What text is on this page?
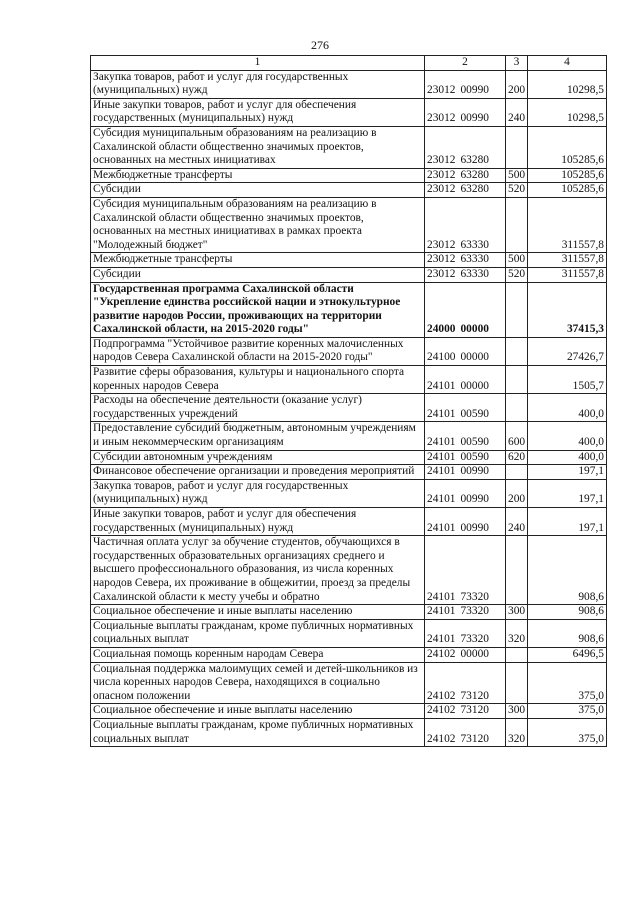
276
1	2	3	4
Закупка товаров, работ и услуг для государственных (муниципальных) нужд	23012 00990	200	10298,5
Иные закупки товаров, работ и услуг для обеспечения государственных (муниципальных) нужд	23012 00990	240	10298,5
Субсидия муниципальным образованиям на реализацию в Сахалинской области общественно значимых проектов, основанных на местных инициативах	23012 63280		105285,6
Межбюджетные трансферты	23012 63280	500	105285,6
Субсидии	23012 63280	520	105285,6
Субсидия муниципальным образованиям на реализацию в Сахалинской области общественно значимых проектов, основанных на местных инициативах в рамках проекта "Молодежный бюджет"	23012 63330		311557,8
Межбюджетные трансферты	23012 63330	500	311557,8
Субсидии	23012 63330	520	311557,8
Государственная программа Сахалинской области "Укрепление единства российской нации и этнокультурное развитие народов России, проживающих на территории Сахалинской области, на 2015-2020 годы"	24000 00000		37415,3
Подпрограмма "Устойчивое развитие коренных малочисленных народов Севера Сахалинской области на 2015-2020 годы"	24100 00000		27426,7
Развитие сферы образования, культуры и национального спорта коренных народов Севера	24101 00000		1505,7
Расходы на обеспечение деятельности (оказание услуг) государственных учреждений	24101 00590		400,0
Предоставление субсидий бюджетным, автономным учреждениям и иным некоммерческим организациям	24101 00590	600	400,0
Субсидии автономным учреждениям	24101 00590	620	400,0
Финансовое обеспечение организации и проведения мероприятий	24101 00990		197,1
Закупка товаров, работ и услуг для государственных (муниципальных) нужд	24101 00990	200	197,1
Иные закупки товаров, работ и услуг для обеспечения государственных (муниципальных) нужд	24101 00990	240	197,1
Частичная оплата услуг за обучение студентов, обучающихся в государственных образовательных организациях среднего и высшего профессионального образования, из числа коренных народов Севера, их проживание в общежитии, проезд за пределы Сахалинской области к месту учебы и обратно	24101 73320		908,6
Социальное обеспечение и иные выплаты населению	24101 73320	300	908,6
Социальные выплаты гражданам, кроме публичных нормативных социальных выплат	24101 73320	320	908,6
Социальная помощь коренным народам Севера	24102 00000		6496,5
Социальная поддержка малоимущих семей и детей-школьников из числа коренных народов Севера, находящихся в социально опасном положении	24102 73120		375,0
Социальное обеспечение и иные выплаты населению	24102 73120	300	375,0
Социальные выплаты гражданам, кроме публичных нормативных социальных выплат	24102 73120	320	375,0
